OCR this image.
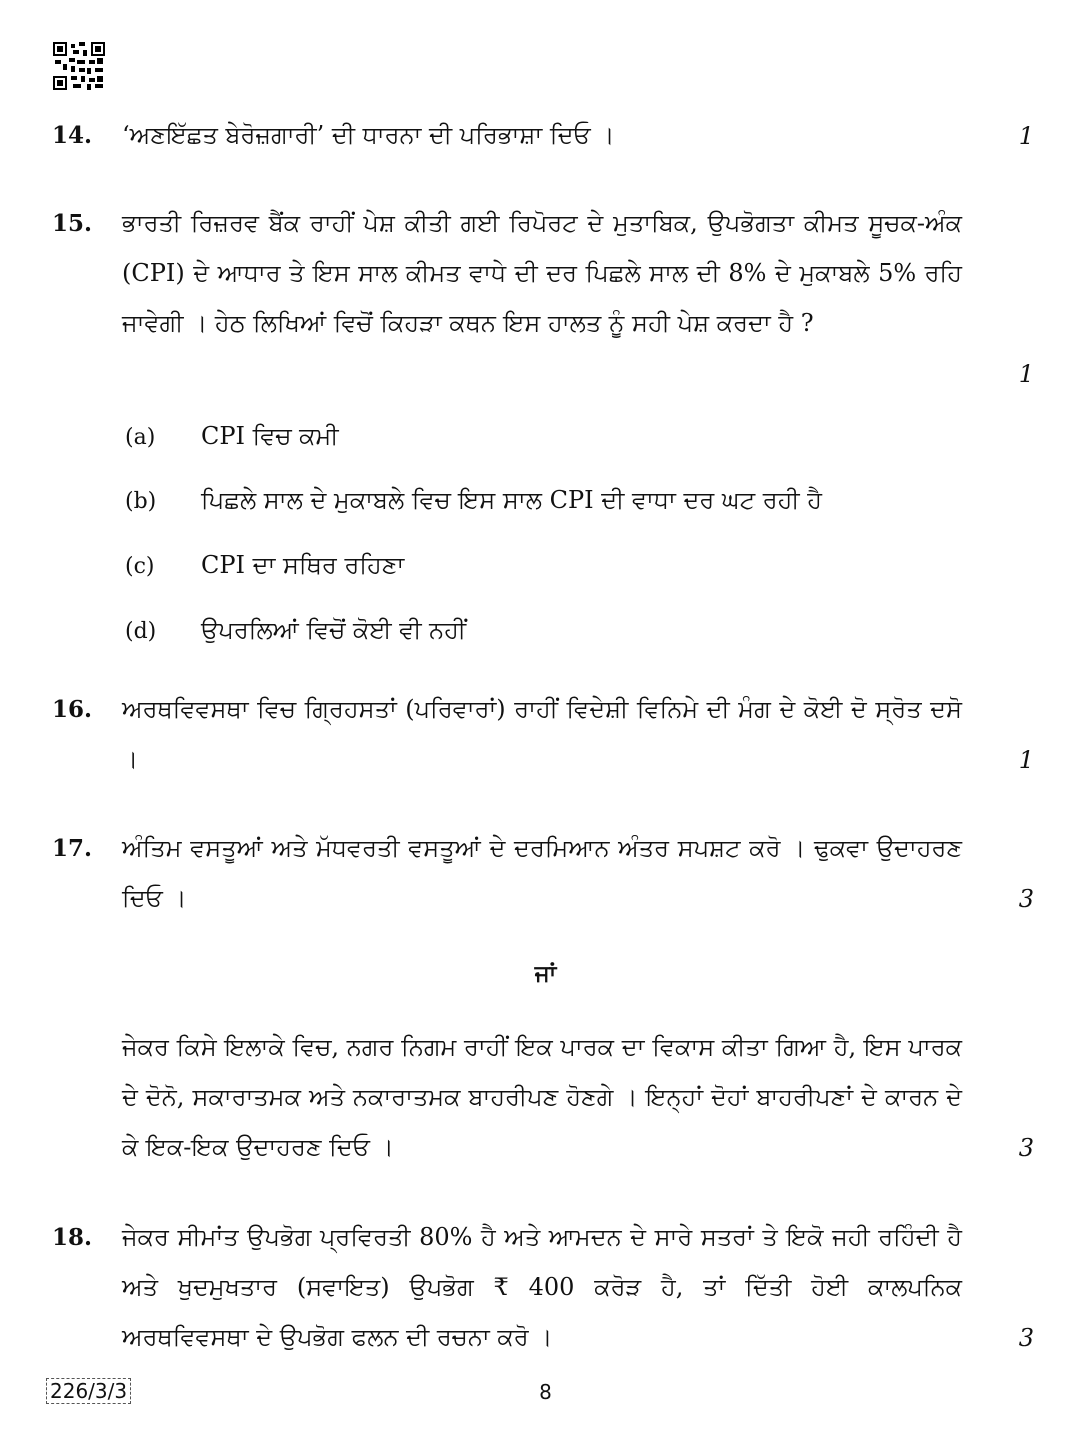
14. ‘ਅਣਇੱਛਤ ਬੇਰੋਜ਼ਗਾਰੀ’ ਦੀ ਧਾਰਨਾ ਦੀ ਪਰਿਭਾਸ਼ਾ ਦਿਓ ।	1
15. ਭਾਰਤੀ ਰਿਜ਼ਰਵ ਬੈਂਕ ਰਾਹੀਂ ਪੇਸ਼ ਕੀਤੀ ਗਈ ਰਿਪੋਰਟ ਦੇ ਮੁਤਾਬਿਕ, ਉਪਭੋਗਤਾ ਕੀਮਤ ਸੂਚਕ-ਅੰਕ (CPI) ਦੇ ਆਧਾਰ ਤੇ ਇਸ ਸਾਲ ਕੀਮਤ ਵਾਧੇ ਦੀ ਦਰ ਪਿਛਲੇ ਸਾਲ ਦੀ 8% ਦੇ ਮੁਕਾਬਲੇ 5% ਰਹਿ ਜਾਵੇਗੀ । ਹੇਠ ਲਿਖਿਆਂ ਵਿਚੋਂ ਕਿਹੜਾ ਕਥਨ ਇਸ ਹਾਲਤ ਨੂੰ ਸਹੀ ਪੇਸ਼ ਕਰਦਾ ਹੈ ?
1
(a) CPI ਵਿਚ ਕਮੀ
(b) ਪਿਛਲੇ ਸਾਲ ਦੇ ਮੁਕਾਬਲੇ ਵਿਚ ਇਸ ਸਾਲ CPI ਦੀ ਵਾਧਾ ਦਰ ਘਟ ਰਹੀ ਹੈ
(c) CPI ਦਾ ਸਥਿਰ ਰਹਿਣਾ
(d) ਉਪਰਲਿਆਂ ਵਿਚੋਂ ਕੋਈ ਵੀ ਨਹੀਂ
16. ਅਰਥਵਿਵਸਥਾ ਵਿਚ ਗ੍ਰਿਹਸਤਾਂ (ਪਰਿਵਾਰਾਂ) ਰਾਹੀਂ ਵਿਦੇਸ਼ੀ ਵਿਨਿਮੇ ਦੀ ਮੰਗ ਦੇ ਕੋਈ ਦੋ ਸ੍ਰੋਤ ਦਸੋ ।	1
17. ਅੰਤਿਮ ਵਸਤੂਆਂ ਅਤੇ ਮੱਧਵਰਤੀ ਵਸਤੂਆਂ ਦੇ ਦਰਮਿਆਨ ਅੰਤਰ ਸਪਸ਼ਟ ਕਰੋ । ਢੁਕਵਾ ਉਦਾਹਰਣ ਦਿਓ ।	3
ਜਾਂ
ਜੇਕਰ ਕਿਸੇ ਇਲਾਕੇ ਵਿਚ, ਨਗਰ ਨਿਗਮ ਰਾਹੀਂ ਇਕ ਪਾਰਕ ਦਾ ਵਿਕਾਸ ਕੀਤਾ ਗਿਆ ਹੈ, ਇਸ ਪਾਰਕ ਦੇ ਦੋਨੋ, ਸਕਾਰਾਤਮਕ ਅਤੇ ਨਕਾਰਾਤਮਕ ਬਾਹਰੀਪਣ ਹੋਣਗੇ । ਇਨ੍ਹਾਂ ਦੋਹਾਂ ਬਾਹਰੀਪਣਾਂ ਦੇ ਕਾਰਨ ਦੇ ਕੇ ਇਕ-ਇਕ ਉਦਾਹਰਣ ਦਿਓ ।	3
18. ਜੇਕਰ ਸੀਮਾਂਤ ਉਪਭੋਗ ਪ੍ਰਵਿਰਤੀ 80% ਹੈ ਅਤੇ ਆਮਦਨ ਦੇ ਸਾਰੇ ਸਤਰਾਂ ਤੇ ਇਕੋ ਜਹੀ ਰਹਿੰਦੀ ਹੈ ਅਤੇ ਖੁਦਮੁਖਤਾਰ (ਸਵਾਇਤ) ਉਪਭੋਗ ₹ 400 ਕਰੋੜ ਹੈ, ਤਾਂ ਦਿੱਤੀ ਹੋਈ ਕਾਲਪਨਿਕ ਅਰਥਵਿਵਸਥਾ ਦੇ ਉਪਭੋਗ ਫਲਨ ਦੀ ਰਚਨਾ ਕਰੋ ।	3
226/3/3	8
